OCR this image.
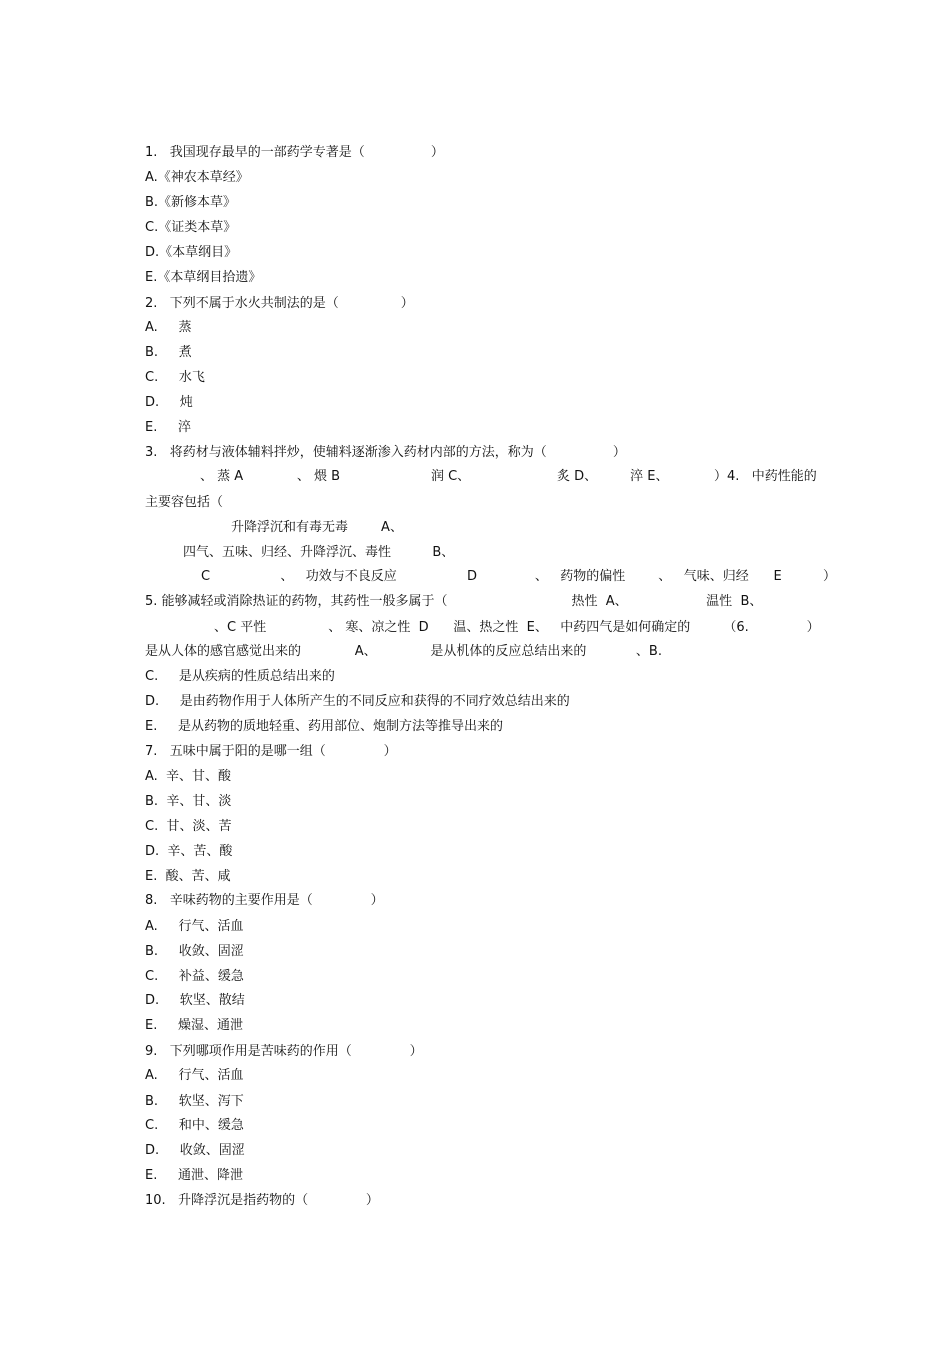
1.   我国现存最早的一部药学专著是（                ）
A.《神农本草经》
B.《新修本草》
C.《证类本草》
D.《本草纲目》
E.《本草纲目拾遗》
2.   下列不属于水火共制法的是（               ）
A.     蒸
B.     煮
C.     水飞
D.     炖
E.     淬
3.   将药材与液体辅料拌炒，使辅料逐渐渗入药材内部的方法，称为（                ）
、 蒸 A             、 煨 B                      润 C、                     炙 D、        淬 E、           ）4.   中药性能的
主要容包括（
升降浮沉和有毒无毒        A、
四气、五味、归经、升降浮沉、毒性          B、
C                 、   功效与不良反应                 D              、   药物的偏性        、   气味、归经      E          ）
5. 能够减轻或消除热证的药物，其药性一般多属于（                              热性  A、                   温性  B、
、C 平性               、 寒、凉之性  D      温、热之性  E、   中药四气是如何确定的        （6.              ）
是从人体的感官感觉出来的             A、             是从机体的反应总结出来的            、B.
C.     是从疾病的性质总结出来的
D.     是由药物作用于人体所产生的不同反应和获得的不同疗效总结出来的
E.     是从药物的质地轻重、药用部位、炮制方法等推导出来的
7.   五味中属于阳的是哪一组（              ）
A.  辛、甘、酸
B.  辛、甘、淡
C.  甘、淡、苦
D.  辛、苦、酸
E.  酸、苦、咸
8.   辛味药物的主要作用是（              ）
A.     行气、活血
B.     收敛、固涩
C.     补益、缓急
D.     软坚、散结
E.     燥湿、通泄
9.   下列哪项作用是苦味药的作用（              ）
A.     行气、活血
B.     软坚、泻下
C.     和中、缓急
D.     收敛、固涩
E.     通泄、降泄
10.   升降浮沉是指药物的（              ）
